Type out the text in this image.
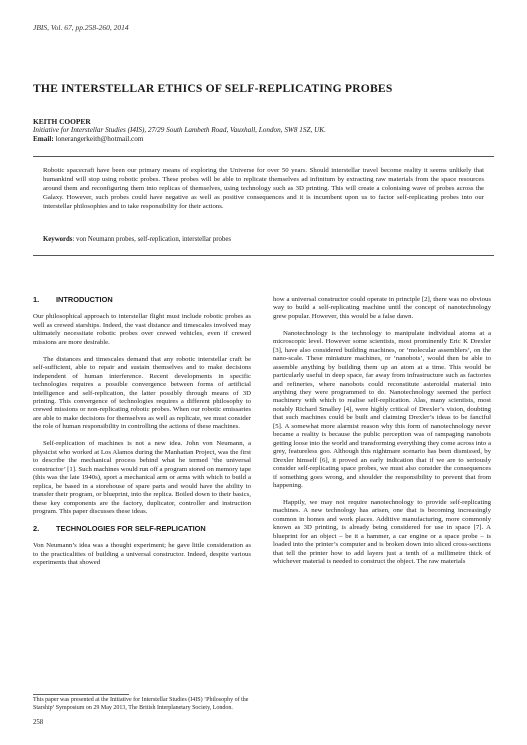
JBIS, Vol. 67, pp.258-260, 2014
THE INTERSTELLAR ETHICS OF SELF-REPLICATING PROBES
KEITH COOPER
Initiative for Interstellar Studies (I4IS), 27/29 South Lambeth Road, Vauxhall, London, SW8 1SZ, UK.
Email: lonerangerkeith@hotmail.com
Robotic spacecraft have been our primary means of exploring the Universe for over 50 years. Should interstellar travel become reality it seems unlikely that humankind will stop using robotic probes. These probes will be able to replicate themselves ad infinitum by extracting raw materials from the space resources around them and reconfiguring them into replicas of themselves, using technology such as 3D printing. This will create a colonising wave of probes across the Galaxy. However, such probes could have negative as well as positive consequences and it is incumbent upon us to factor self-replicating probes into our interstellar philosophies and to take responsibility for their actions.
Keywords: von Neumann probes, self-replication, interstellar probes
1. INTRODUCTION

Our philosophical approach to interstellar flight must include robotic probes as well as crewed starships. Indeed, the vast distance and timescales involved may ultimately necessitate robotic probes over crewed vehicles, even if crewed missions are more desirable.

The distances and timescales demand that any robotic interstellar craft be self-sufficient, able to repair and sustain themselves and to make decisions independent of human interference. Recent developments in specific technologies requires a possible convergence between forms of artificial intelligence and self-replication, the latter possibly through means of 3D printing. This convergence of technologies requires a different philosophy to crewed missions or non-replicating robotic probes. When our robotic emissaries are able to make decisions for themselves as well as replicate, we must consider the role of human responsibility in controlling the actions of these machines.

Self-replication of machines is not a new idea. John von Neumann, a physicist who worked at Los Alamos during the Manhattan Project, was the first to describe the mechanical process behind what he termed ‘the universal constructor’ [1]. Such machines would run off a program stored on memory tape (this was the late 1940s), sport a mechanical arm or arms with which to build a replica, be based in a storehouse of spare parts and would have the ability to transfer their program, or blueprint, into the replica. Boiled down to their basics, these key components are the factory, duplicator, controller and instruction program. This paper discusses these ideas.

2. TECHNOLOGIES FOR SELF-REPLICATION

Von Neumann’s idea was a thought experiment; he gave little consideration as to the practicalities of building a universal constructor. Indeed, despite various experiments that showed

how a universal constructor could operate in principle [2], there was no obvious way to build a self-replicating machine until the concept of nanotechnology grew popular. However, this would be a false dawn.

Nanotechnology is the technology to manipulate individual atoms at a microscopic level. However some scientists, most prominently Eric K Drexler [3], have also considered building machines, or ‘molecular assemblers’, on the nano-scale. These miniature machines, or ‘nanobots’, would then be able to assemble anything by building them up an atom at a time. This would be particularly useful in deep space, far away from infrastructure such as factories and refineries, where nanobots could reconstitute asteroidal material into anything they were programmed to do. Nanotechnology seemed the perfect machinery with which to realise self-replication. Alas, many scientists, most notably Richard Smalley [4], were highly critical of Drexler’s vision, doubting that such machines could be built and claiming Drexler’s ideas to be fanciful [5]. A somewhat more alarmist reason why this form of nanotechnology never became a reality is because the public perception was of rampaging nanobots getting loose into the world and transforming everything they come across into a grey, featureless goo. Although this nightmare scenario has been dismissed, by Drexler himself [6], it proved an early indication that if we are to seriously consider self-replicating space probes, we must also consider the consequences if something goes wrong, and shoulder the responsibility to prevent that from happening.

Happily, we may not require nanotechnology to provide self-replicating machines. A new technology has arisen, one that is becoming increasingly common in homes and work places. Additive manufacturing, more commonly known as 3D printing, is already being considered for use in space [7]. A blueprint for an object – be it a hammer, a car engine or a space probe – is loaded into the printer’s computer and is broken down into sliced cross-sections that tell the printer how to add layers just a tenth of a millimetre thick of whichever material is needed to construct the object. The raw materials

This paper was presented at the Initiative for Interstellar Studies (I4IS) ‘Philosophy of the Starship’ Symposium on 29 May 2013, The British Interplanetary Society, London.
258
